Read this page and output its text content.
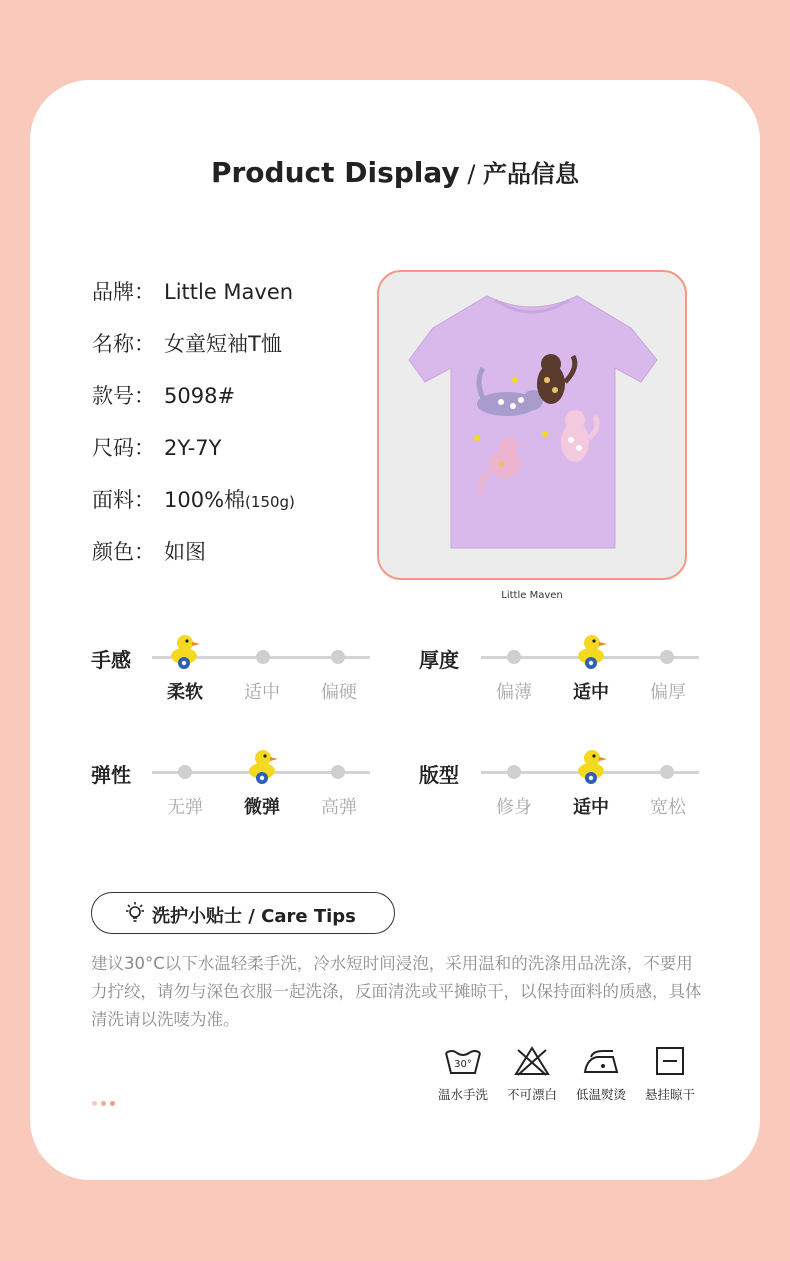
Product Display / 产品信息
品牌： Little Maven
名称： 女童短袖T恤
款号： 5098#
尺码： 2Y-7Y
面料： 100%棉(150g)
颜色： 如图
Little Maven
手感
柔软	适中	偏硬
厚度
偏薄	适中	偏厚
弹性
无弹	微弹	高弹
版型
修身	适中	宽松
洗护小贴士 / Care Tips
建议30°C以下水温轻柔手洗，冷水短时间浸泡，采用温和的洗涤用品洗涤，不要用力拧绞，请勿与深色衣服一起洗涤，反面清洗或平摊晾干，以保持面料的质感，具体清洗请以洗唛为准。
30°
温水手洗	不可漂白	低温熨烫	悬挂晾干
